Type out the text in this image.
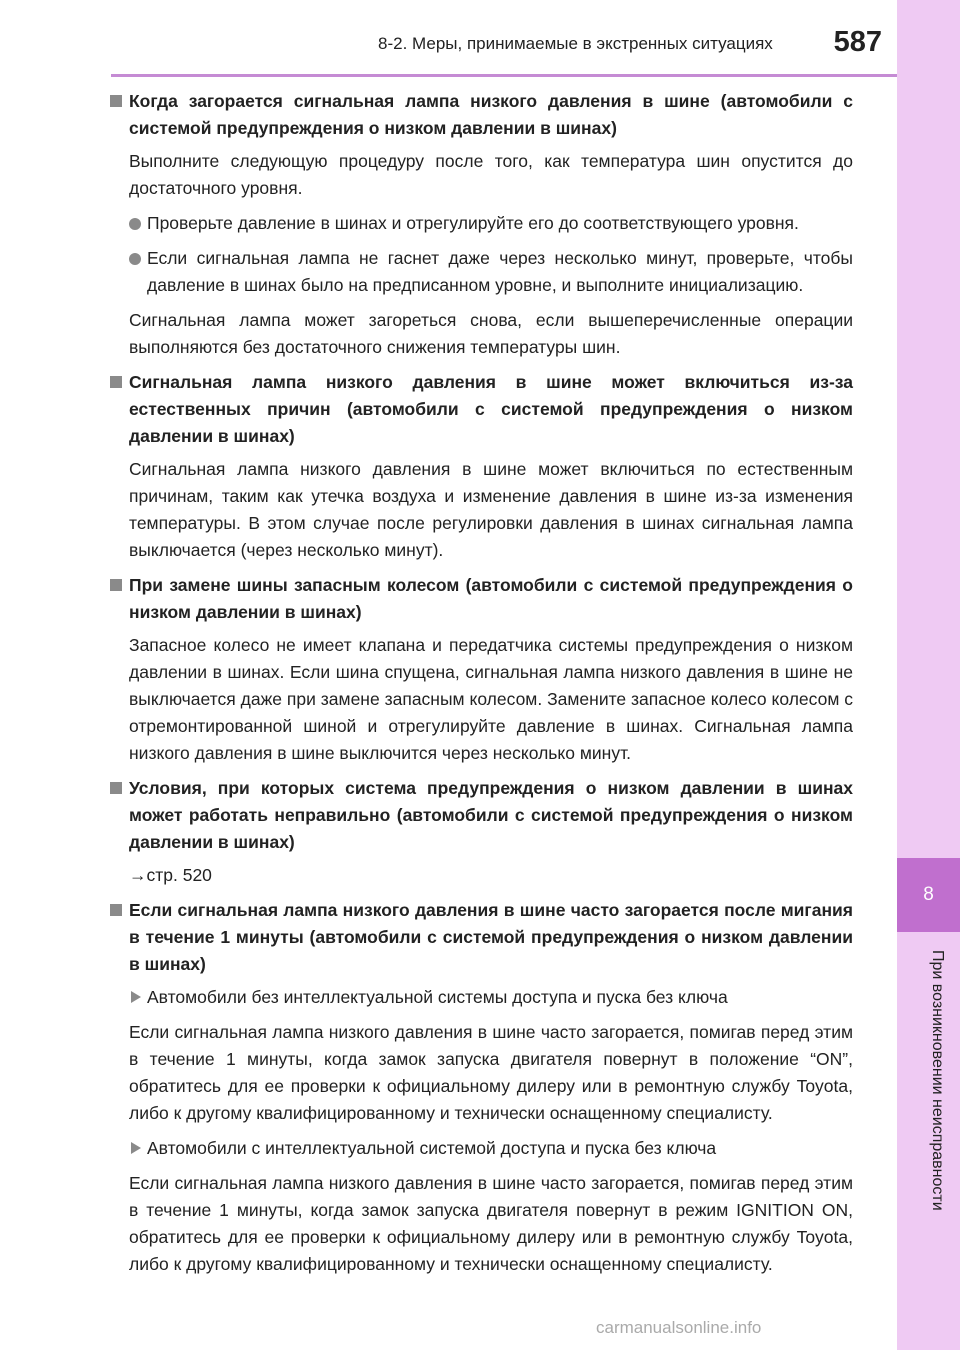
8-2. Меры, принимаемые в экстренных ситуациях	587
8
При возникновении неисправности
Когда загорается сигнальная лампа низкого давления в шине (автомобили с системой предупреждения о низком давлении в шинах)
Выполните следующую процедуру после того, как температура шин опустится до достаточного уровня.
Проверьте давление в шинах и отрегулируйте его до соответствующего уровня.
Если сигнальная лампа не гаснет даже через несколько минут, проверьте, чтобы давление в шинах было на предписанном уровне, и выполните инициализацию.
Сигнальная лампа может загореться снова, если вышеперечисленные операции выполняются без достаточного снижения температуры шин.
Сигнальная лампа низкого давления в шине может включиться из-за естественных причин (автомобили с системой предупреждения о низком давлении в шинах)
Сигнальная лампа низкого давления в шине может включиться по естественным причинам, таким как утечка воздуха и изменение давления в шине из-за изменения температуры. В этом случае после регулировки давления в шинах сигнальная лампа выключается (через несколько минут).
При замене шины запасным колесом (автомобили с системой предупреждения о низком давлении в шинах)
Запасное колесо не имеет клапана и передатчика системы предупреждения о низком давлении в шинах. Если шина спущена, сигнальная лампа низкого давления в шине не выключается даже при замене запасным колесом. Замените запасное колесо колесом с отремонтированной шиной и отрегулируйте давление в шинах. Сигнальная лампа низкого давления в шине выключится через несколько минут.
Условия, при которых система предупреждения о низком давлении в шинах может работать неправильно (автомобили с системой предупреждения о низком давлении в шинах)
→стр. 520
Если сигнальная лампа низкого давления в шине часто загорается после мигания в течение 1 минуты (автомобили с системой предупреждения о низком давлении в шинах)
Автомобили без интеллектуальной системы доступа и пуска без ключа
Если сигнальная лампа низкого давления в шине часто загорается, помигав перед этим в течение 1 минуты, когда замок запуска двигателя повернут в положение “ON”, обратитесь для ее проверки к официальному дилеру или в ремонтную службу Toyota, либо к другому квалифицированному и технически оснащенному специалисту.
Автомобили с интеллектуальной системой доступа и пуска без ключа
Если сигнальная лампа низкого давления в шине часто загорается, помигав перед этим в течение 1 минуты, когда замок запуска двигателя повернут в режим IGNITION ON, обратитесь для ее проверки к официальному дилеру или в ремонтную службу Toyota, либо к другому квалифицированному и технически оснащенному специалисту.
carmanualsonline.info
